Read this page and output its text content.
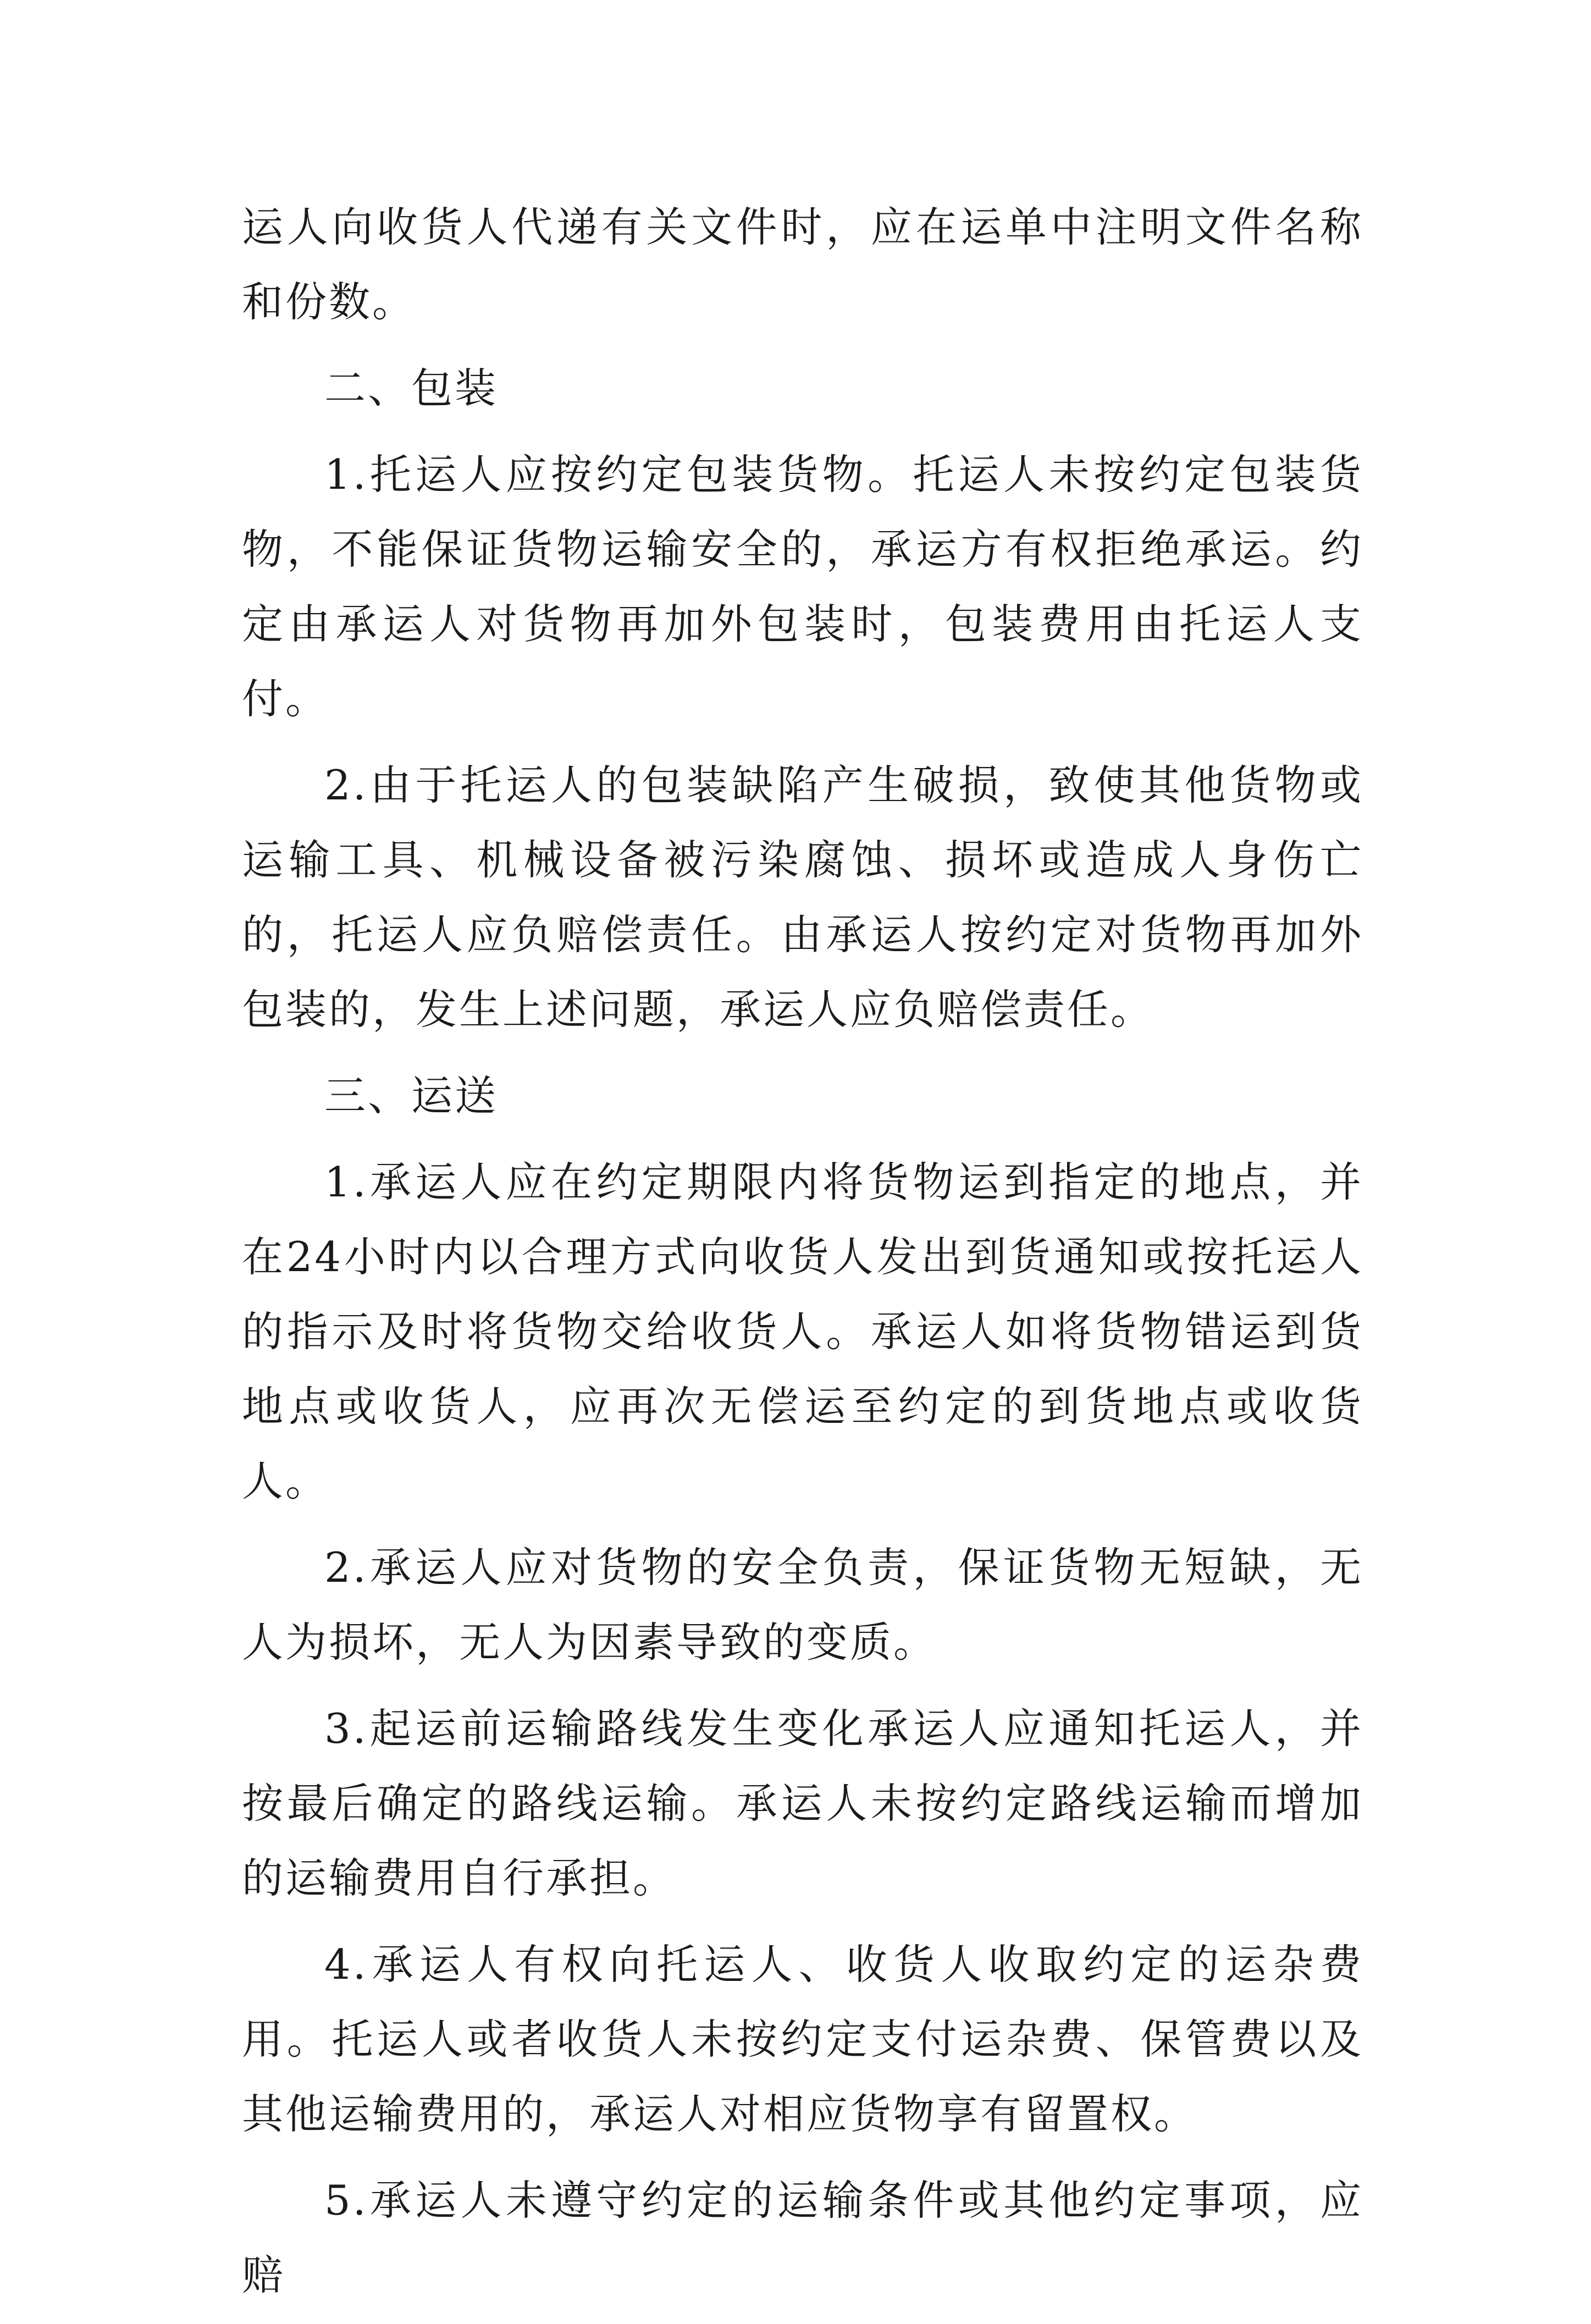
运人向收货人代递有关文件时，应在运单中注明文件名称和份数。

二、包装

1.托运人应按约定包装货物。托运人未按约定包装货物，不能保证货物运输安全的，承运方有权拒绝承运。约定由承运人对货物再加外包装时，包装费用由托运人支付。

2.由于托运人的包装缺陷产生破损，致使其他货物或运输工具、机械设备被污染腐蚀、损坏或造成人身伤亡的，托运人应负赔偿责任。由承运人按约定对货物再加外包装的，发生上述问题，承运人应负赔偿责任。

三、运送

1.承运人应在约定期限内将货物运到指定的地点，并在24小时内以合理方式向收货人发出到货通知或按托运人的指示及时将货物交给收货人。承运人如将货物错运到货地点或收货人，应再次无偿运至约定的到货地点或收货人。

2.承运人应对货物的安全负责，保证货物无短缺，无人为损坏，无人为因素导致的变质。

3.起运前运输路线发生变化承运人应通知托运人，并按最后确定的路线运输。承运人未按约定路线运输而增加的运输费用自行承担。

4.承运人有权向托运人、收货人收取约定的运杂费用。托运人或者收货人未按约定支付运杂费、保管费以及其他运输费用的，承运人对相应货物享有留置权。

5.承运人未遵守约定的运输条件或其他约定事项，应赔
